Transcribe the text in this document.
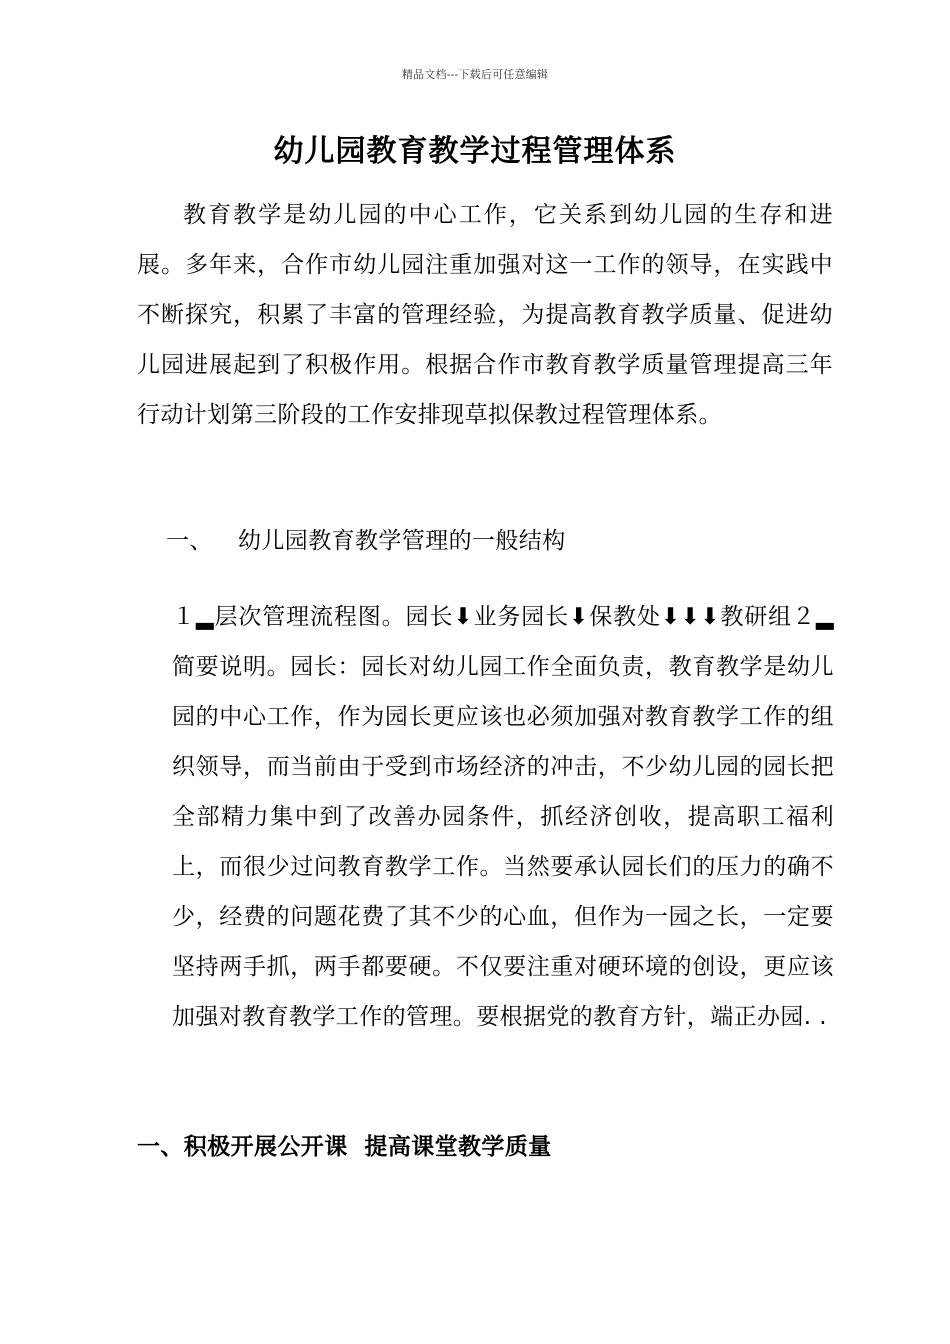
精品文档---下载后可任意编辑
幼儿园教育教学过程管理体系

教育教学是幼儿园的中心工作，它关系到幼儿园的生存和进展。多年来，合作市幼儿园注重加强对这一工作的领导，在实践中不断探究，积累了丰富的管理经验，为提高教育教学质量、促进幼儿园进展起到了积极作用。根据合作市教育教学质量管理提高三年行动计划第三阶段的工作安排现草拟保教过程管理体系。

一、 幼儿园教育教学管理的一般结构

１▂层次管理流程图。园长⬇业务园长⬇保教处⬇⬇⬇教研组２▂简要说明。园长：园长对幼儿园工作全面负责，教育教学是幼儿园的中心工作，作为园长更应该也必须加强对教育教学工作的组织领导，而当前由于受到市场经济的冲击，不少幼儿园的园长把全部精力集中到了改善办园条件，抓经济创收，提高职工福利上，而很少过问教育教学工作。当然要承认园长们的压力的确不少，经费的问题花费了其不少的心血，但作为一园之长，一定要坚持两手抓，两手都要硬。不仅要注重对硬环境的创设，更应该加强对教育教学工作的管理。要根据党的教育方针，端正办园. .

一、积极开展公开课  提高课堂教学质量
